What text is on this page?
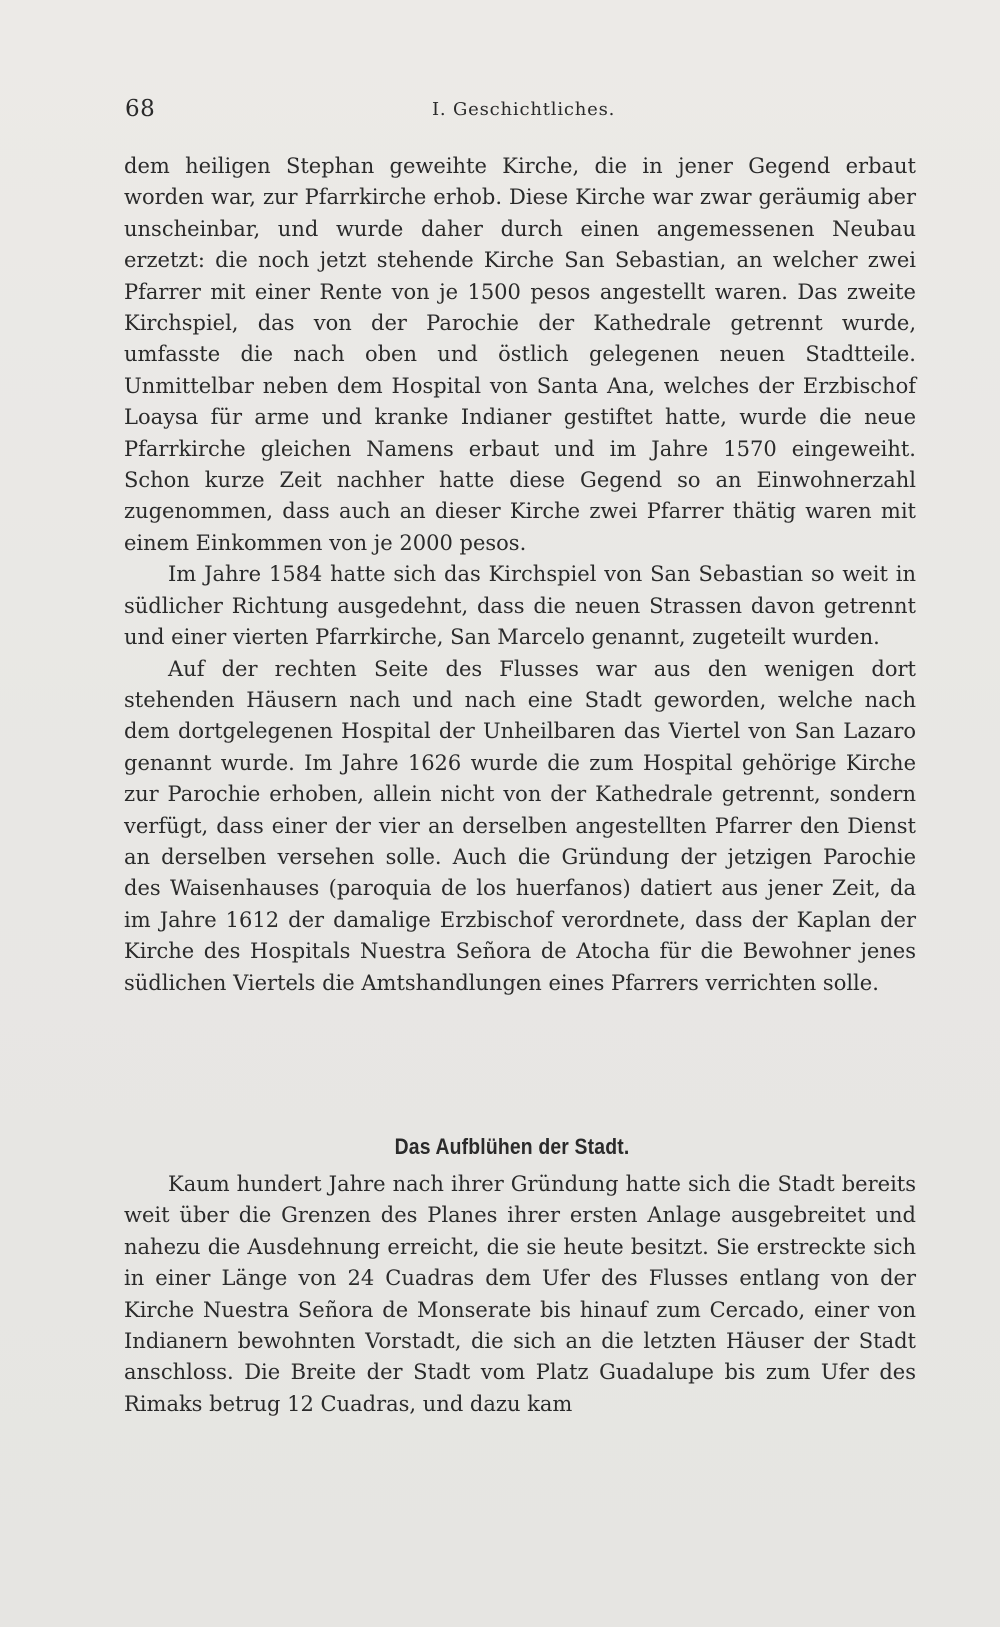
68	I. Geschichtliches.

dem heiligen Stephan geweihte Kirche, die in jener Gegend erbaut worden war, zur Pfarrkirche erhob. Diese Kirche war zwar geräumig aber unscheinbar, und wurde daher durch einen angemessenen Neubau erzetzt: die noch jetzt stehende Kirche San Sebastian, an welcher zwei Pfarrer mit einer Rente von je 1500 pesos angestellt waren. Das zweite Kirchspiel, das von der Parochie der Kathedrale getrennt wurde, umfasste die nach oben und östlich gelegenen neuen Stadtteile. Unmittelbar neben dem Hospital von Santa Ana, welches der Erzbischof Loaysa für arme und kranke Indianer gestiftet hatte, wurde die neue Pfarrkirche gleichen Namens erbaut und im Jahre 1570 eingeweiht. Schon kurze Zeit nachher hatte diese Gegend so an Einwohnerzahl zugenommen, dass auch an dieser Kirche zwei Pfarrer thätig waren mit einem Einkommen von je 2000 pesos.

Im Jahre 1584 hatte sich das Kirchspiel von San Sebastian so weit in südlicher Richtung ausgedehnt, dass die neuen Strassen davon getrennt und einer vierten Pfarrkirche, San Marcelo genannt, zugeteilt wurden.

Auf der rechten Seite des Flusses war aus den wenigen dort stehenden Häusern nach und nach eine Stadt geworden, welche nach dem dortgelegenen Hospital der Unheilbaren das Viertel von San Lazaro genannt wurde. Im Jahre 1626 wurde die zum Hospital gehörige Kirche zur Parochie erhoben, allein nicht von der Kathedrale getrennt, sondern verfügt, dass einer der vier an derselben angestellten Pfarrer den Dienst an derselben versehen solle. Auch die Gründung der jetzigen Parochie des Waisenhauses (paroquia de los huerfanos) datiert aus jener Zeit, da im Jahre 1612 der damalige Erzbischof verordnete, dass der Kaplan der Kirche des Hospitals Nuestra Señora de Atocha für die Bewohner jenes südlichen Viertels die Amtshandlungen eines Pfarrers verrichten solle.

Das Aufblühen der Stadt.

Kaum hundert Jahre nach ihrer Gründung hatte sich die Stadt bereits weit über die Grenzen des Planes ihrer ersten Anlage ausgebreitet und nahezu die Ausdehnung erreicht, die sie heute besitzt. Sie erstreckte sich in einer Länge von 24 Cuadras dem Ufer des Flusses entlang von der Kirche Nuestra Señora de Monserate bis hinauf zum Cercado, einer von Indianern bewohnten Vorstadt, die sich an die letzten Häuser der Stadt anschloss. Die Breite der Stadt vom Platz Guadalupe bis zum Ufer des Rimaks betrug 12 Cuadras, und dazu kam
